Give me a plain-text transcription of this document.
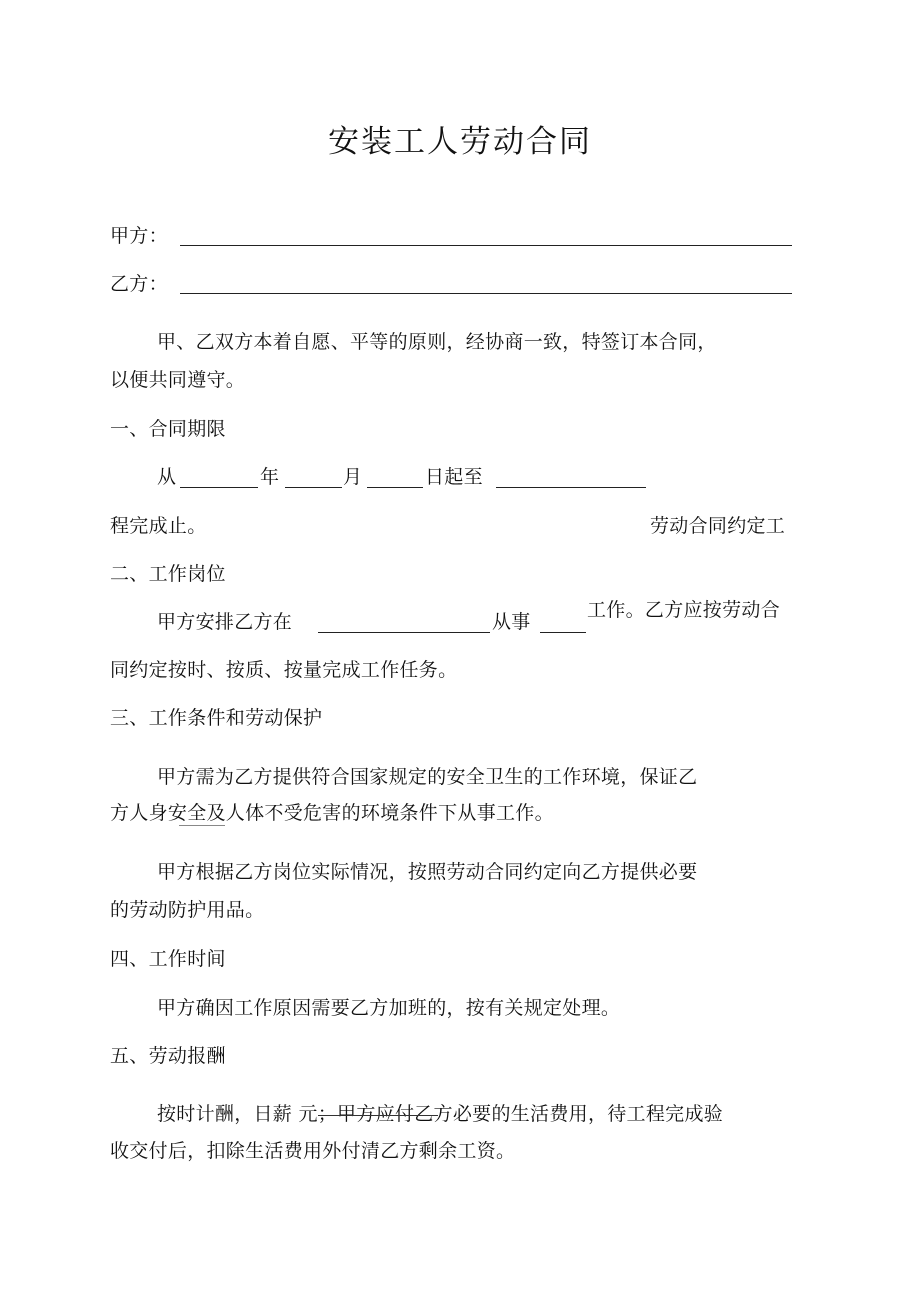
安装工人劳动合同

甲方：

乙方：

甲、乙双方本着自愿、平等的原则，经协商一致，特签订本合同，

以便共同遵守。

一、合同期限

从	年	月	日起至

程完成止。	劳动合同约定工

二、工作岗位

甲方安排乙方在	从事

工作。乙方应按劳动合

同约定按时、按质、按量完成工作任务。

三、工作条件和劳动保护

甲方需为乙方提供符合国家规定的安全卫生的工作环境，保证乙

方人身安全及人体不受危害的环境条件下从事工作。

甲方根据乙方岗位实际情况，按照劳动合同约定向乙方提供必要

的劳动防护用品。

四、工作时间

甲方确因工作原因需要乙方加班的，按有关规定处理。

五、劳动报酬

按时计酬，日薪 元；甲方应付乙方必要的生活费用，待工程完成验

收交付后，扣除生活费用外付清乙方剩余工资。
